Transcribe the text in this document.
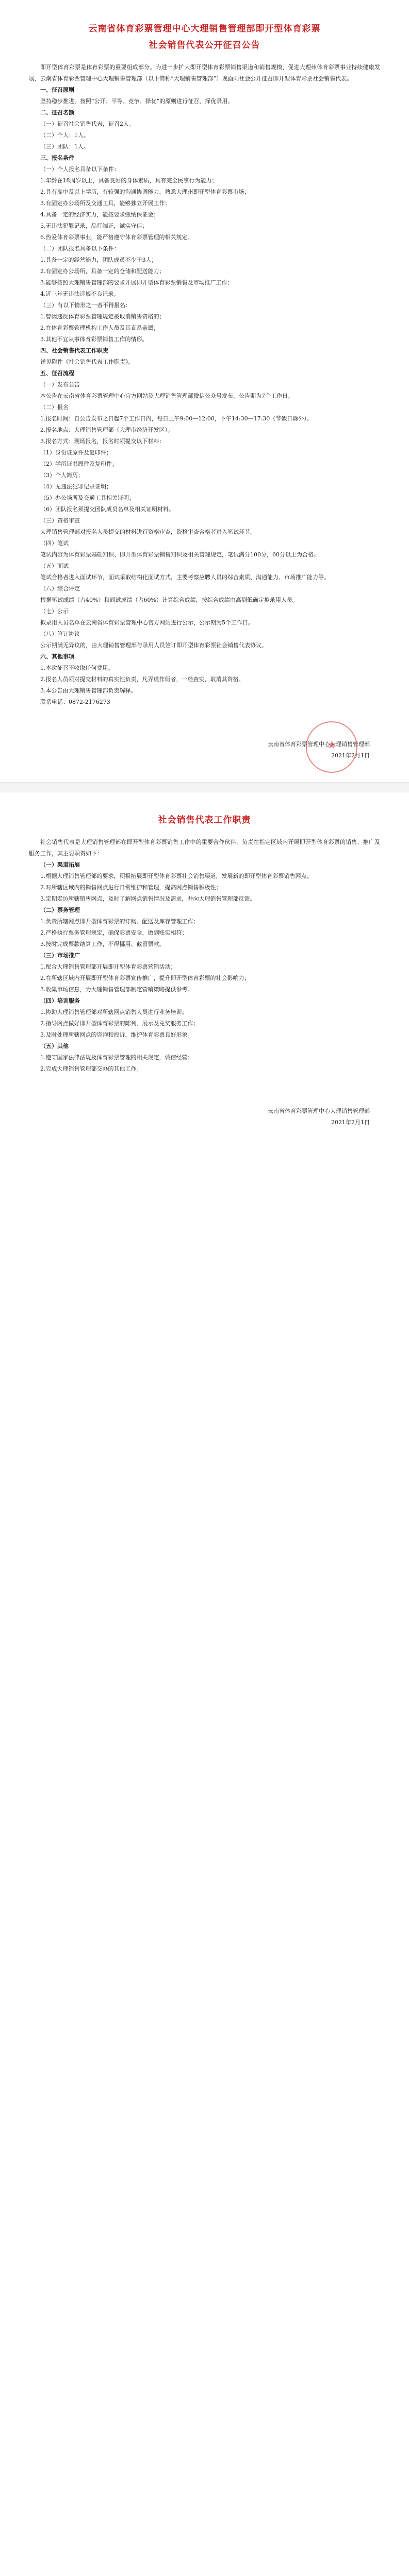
云南省体育彩票管理中心大理销售管理部即开型体育彩票
社会销售代表公开征召公告

即开型体育彩票是体育彩票的重要组成部分。为进一步扩大即开型体育彩票销售渠道和销售规模，促进大理州体育彩票事业持续健康发展，云南省体育彩票管理中心大理销售管理部（以下简称“大理销售管理部”）现面向社会公开征召即开型体育彩票社会销售代表。

一、征召原则

坚持稳步推进，按照“公开、平等、竞争、择优”的原则进行征召，择优录用。

二、征召名额

（一）征召社会销售代表，征召2人。

（二）个人：1人。

（三）团队：1人。

三、报名条件

（一）个人报名具备以下条件：

1.年龄在18周岁以上，具备良好的身体素质，具有完全民事行为能力；

2.具有高中及以上学历，有较强的沟通协调能力，熟悉大理州即开型体育彩票市场；

3.有固定办公场所及交通工具，能够独立开展工作；

4.具备一定的经济实力，能按要求缴纳保证金；

5.无违法犯罪记录，品行端正，诚实守信；

6.热爱体育彩票事业，能严格遵守体育彩票管理的相关规定。

（二）团队报名具备以下条件：

1.具备一定的经营能力，团队成员不少于3人；

2.有固定办公场所，具备一定的仓储和配送能力；

3.能够按照大理销售管理部的要求开展即开型体育彩票销售及市场推广工作；

4.近三年无违法违规不良记录。

（三）有以下情形之一者不得报名：

1.曾因违反体育彩票管理规定被取消销售资格的；

2.在体育彩票管理机构工作人员及其直系亲属；

3.其他不宜从事体育彩票销售工作的情形。

四、社会销售代表工作职责

详见附件《社会销售代表工作职责》。

五、征召流程

（一）发布公告

本公告在云南省体育彩票管理中心官方网站及大理销售管理部微信公众号发布，公告期为7个工作日。

（二）报名

1.报名时间：自公告发布之日起7个工作日内，每日上午9:00—12:00，下午14:30—17:30（节假日除外）。

2.报名地点：大理销售管理部（大理市经济开发区）。

3.报名方式：现场报名，报名时须提交以下材料：

（1）身份证原件及复印件；

（2）学历证书原件及复印件；

（3）个人简历；

（4）无违法犯罪记录证明；

（5）办公场所及交通工具相关证明；

（6）团队报名须提交团队成员名单及相关证明材料。

（三）资格审查

大理销售管理部对报名人员提交的材料进行资格审查，资格审查合格者进入笔试环节。

（四）笔试

笔试内容为体育彩票基础知识、即开型体育彩票销售知识及相关管理规定，笔试满分100分，60分以上为合格。

（五）面试

笔试合格者进入面试环节，面试采取结构化面试方式，主要考察应聘人员的综合素质、沟通能力、市场推广能力等。

（六）综合评定

根据笔试成绩（占40%）和面试成绩（占60%）计算综合成绩，按综合成绩由高到低确定拟录用人员。

（七）公示

拟录用人员名单在云南省体育彩票管理中心官方网站进行公示，公示期为5个工作日。

（八）签订协议

公示期满无异议的，由大理销售管理部与录用人员签订即开型体育彩票社会销售代表协议。

六、其他事项

1.本次征召不收取任何费用。

2.报名人员须对提交材料的真实性负责，凡弄虚作假者，一经查实，取消其资格。

3.本公告由大理销售管理部负责解释。

联系电话：0872-2176273

★
云南省体育彩票管理中心大理销售管理部
2021年2月1日
社会销售代表工作职责

社会销售代表是大理销售管理部在即开型体育彩票销售工作中的重要合作伙伴，负责在指定区域内开展即开型体育彩票的销售、推广及服务工作，其主要职责如下：

（一）渠道拓展

1.根据大理销售管理部的要求，积极拓展即开型体育彩票社会销售渠道，发展新的即开型体育彩票销售网点；

2.对所辖区域内的销售网点进行日常维护和管理，提高网点销售积极性；

3.定期走访所辖销售网点，及时了解网点销售情况及需求，并向大理销售管理部反馈。

（二）票务管理

1.负责所辖网点即开型体育彩票的订购、配送及库存管理工作；

2.严格执行票务管理规定，确保彩票安全，做到账实相符；

3.按时完成票款结算工作，不得挪用、截留票款。

（三）市场推广

1.配合大理销售管理部开展即开型体育彩票营销活动；

2.在所辖区域内开展即开型体育彩票宣传推广，提升即开型体育彩票的社会影响力；

3.收集市场信息，为大理销售管理部制定营销策略提供参考。

（四）培训服务

1.协助大理销售管理部对所辖网点销售人员进行业务培训；

2.指导网点做好即开型体育彩票的陈列、展示及兑奖服务工作；

3.及时处理所辖网点的咨询和投诉，维护体育彩票良好形象。

（五）其他

1.遵守国家法律法规及体育彩票管理的相关规定，诚信经营；

2.完成大理销售管理部交办的其他工作。

云南省体育彩票管理中心大理销售管理部
2021年2月1日
